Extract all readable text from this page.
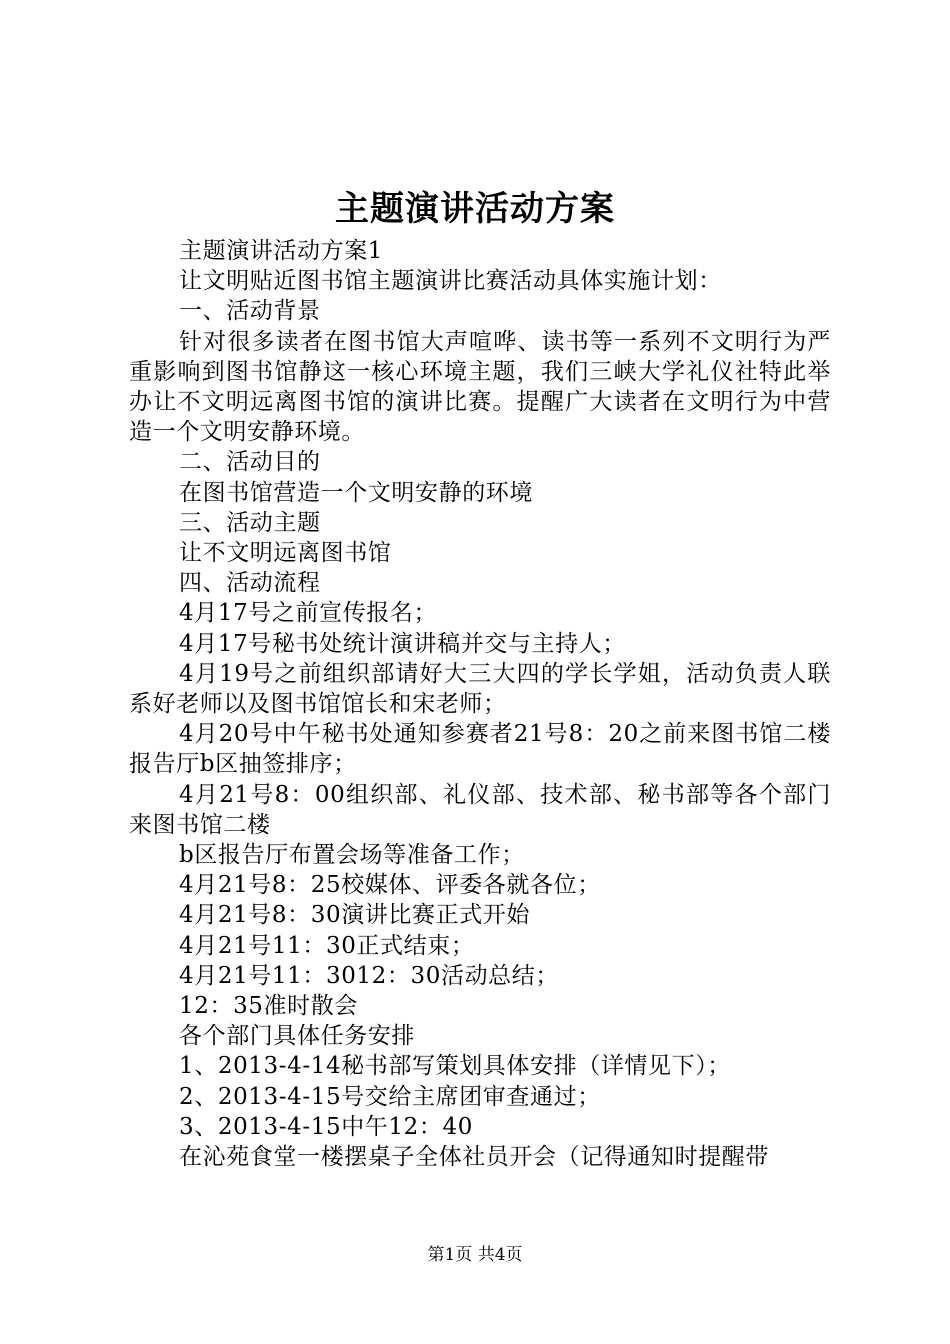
主题演讲活动方案

主题演讲活动方案1

让文明贴近图书馆主题演讲比赛活动具体实施计划：

一、活动背景

针对很多读者在图书馆大声喧哗、读书等一系列不文明行为严重影响到图书馆静这一核心环境主题，我们三峡大学礼仪社特此举办让不文明远离图书馆的演讲比赛。提醒广大读者在文明行为中营造一个文明安静环境。

二、活动目的

在图书馆营造一个文明安静的环境

三、活动主题

让不文明远离图书馆

四、活动流程

4月17号之前宣传报名；

4月17号秘书处统计演讲稿并交与主持人；

4月19号之前组织部请好大三大四的学长学姐，活动负责人联系好老师以及图书馆馆长和宋老师；

4月20号中午秘书处通知参赛者21号8：20之前来图书馆二楼报告厅b区抽签排序；

4月21号8：00组织部、礼仪部、技术部、秘书部等各个部门来图书馆二楼

b区报告厅布置会场等准备工作；

4月21号8：25校媒体、评委各就各位；

4月21号8：30演讲比赛正式开始

4月21号11：30正式结束；

4月21号11：3012：30活动总结；

12：35准时散会

各个部门具体任务安排

1、2013-4-14秘书部写策划具体安排（详情见下）；

2、2013-4-15号交给主席团审查通过；

3、2013-4-15中午12：40

在沁苑食堂一楼摆桌子全体社员开会（记得通知时提醒带

第1页 共4页
